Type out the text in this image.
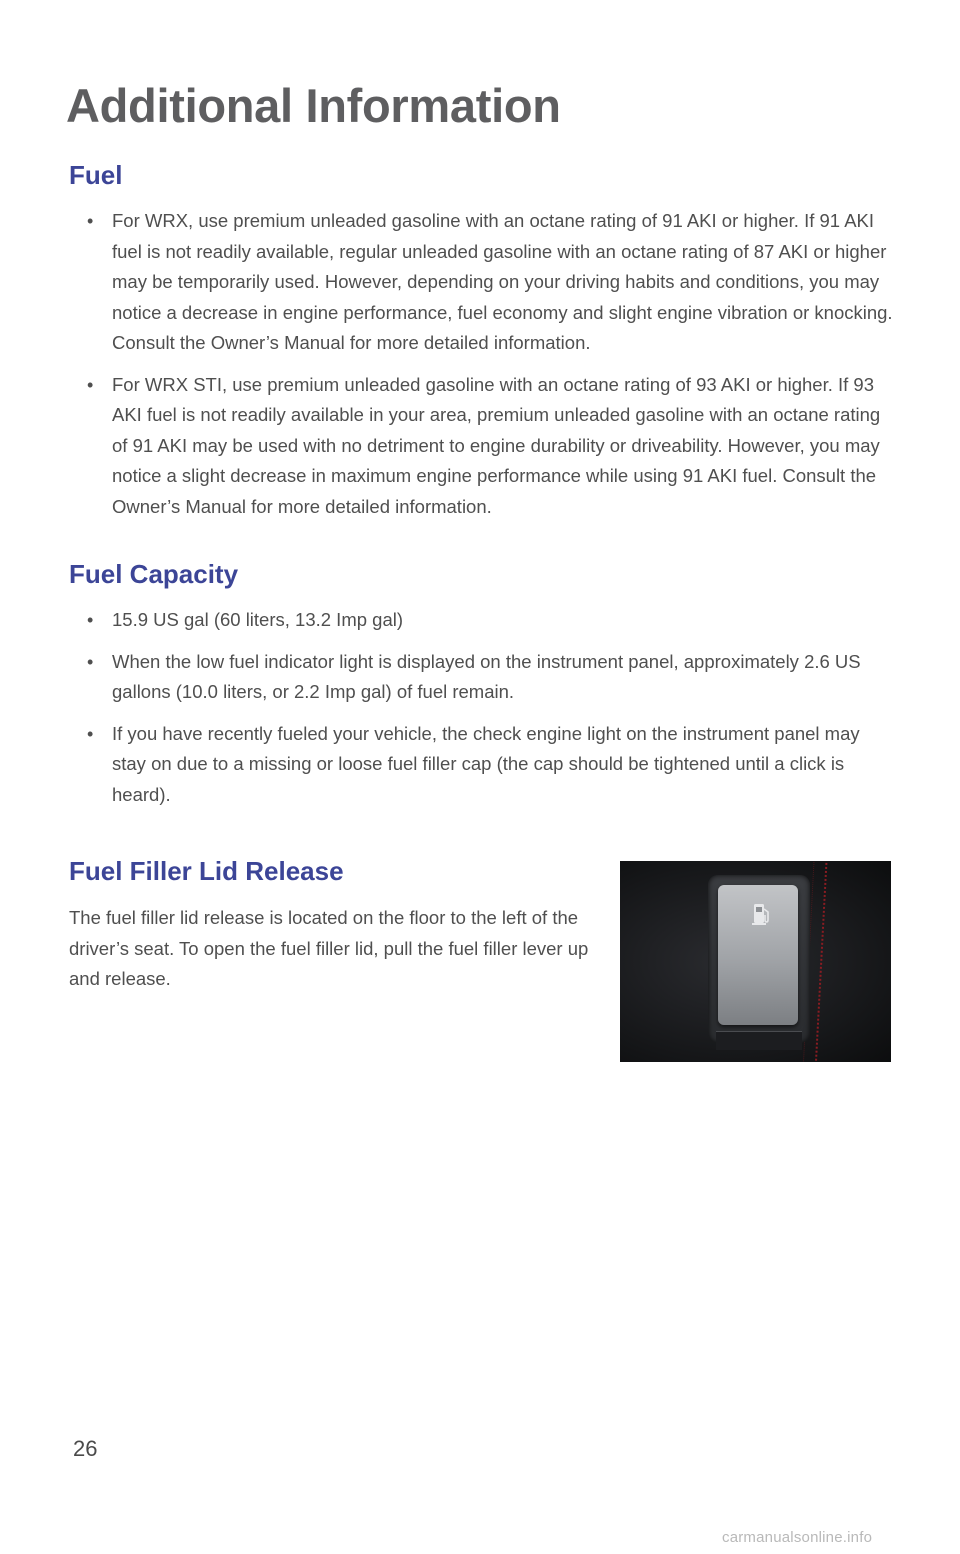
Additional Information
Fuel
• For WRX, use premium unleaded gasoline with an octane rating of 91 AKI or higher. If 91 AKI fuel is not readily available, regular unleaded gasoline with an octane rating of 87 AKI or higher may be temporarily used. However, depending on your driving habits and conditions, you may notice a decrease in engine performance, fuel economy and slight engine vibration or knocking. Consult the Owner’s Manual for more detailed information.
• For WRX STI, use premium unleaded gasoline with an octane rating of 93 AKI or higher. If 93 AKI fuel is not readily available in your area, premium unleaded gasoline with an octane rating of 91 AKI may be used with no detriment to engine durability or driveability. However, you may notice a slight decrease in maximum engine performance while using 91 AKI fuel. Consult the Owner’s Manual for more detailed information.
Fuel Capacity
• 15.9 US gal (60 liters, 13.2 Imp gal)
• When the low fuel indicator light is displayed on the instrument panel, approximately 2.6 US gallons (10.0 liters, or 2.2 Imp gal) of fuel remain.
• If you have recently fueled your vehicle, the check engine light on the instrument panel may stay on due to a missing or loose fuel filler cap (the cap should be tightened until a click is heard).
Fuel Filler Lid Release
The fuel filler lid release is located on the floor to the left of the driver’s seat. To open the fuel filler lid, pull the fuel filler lever up and release.
26
carmanualsonline.info
